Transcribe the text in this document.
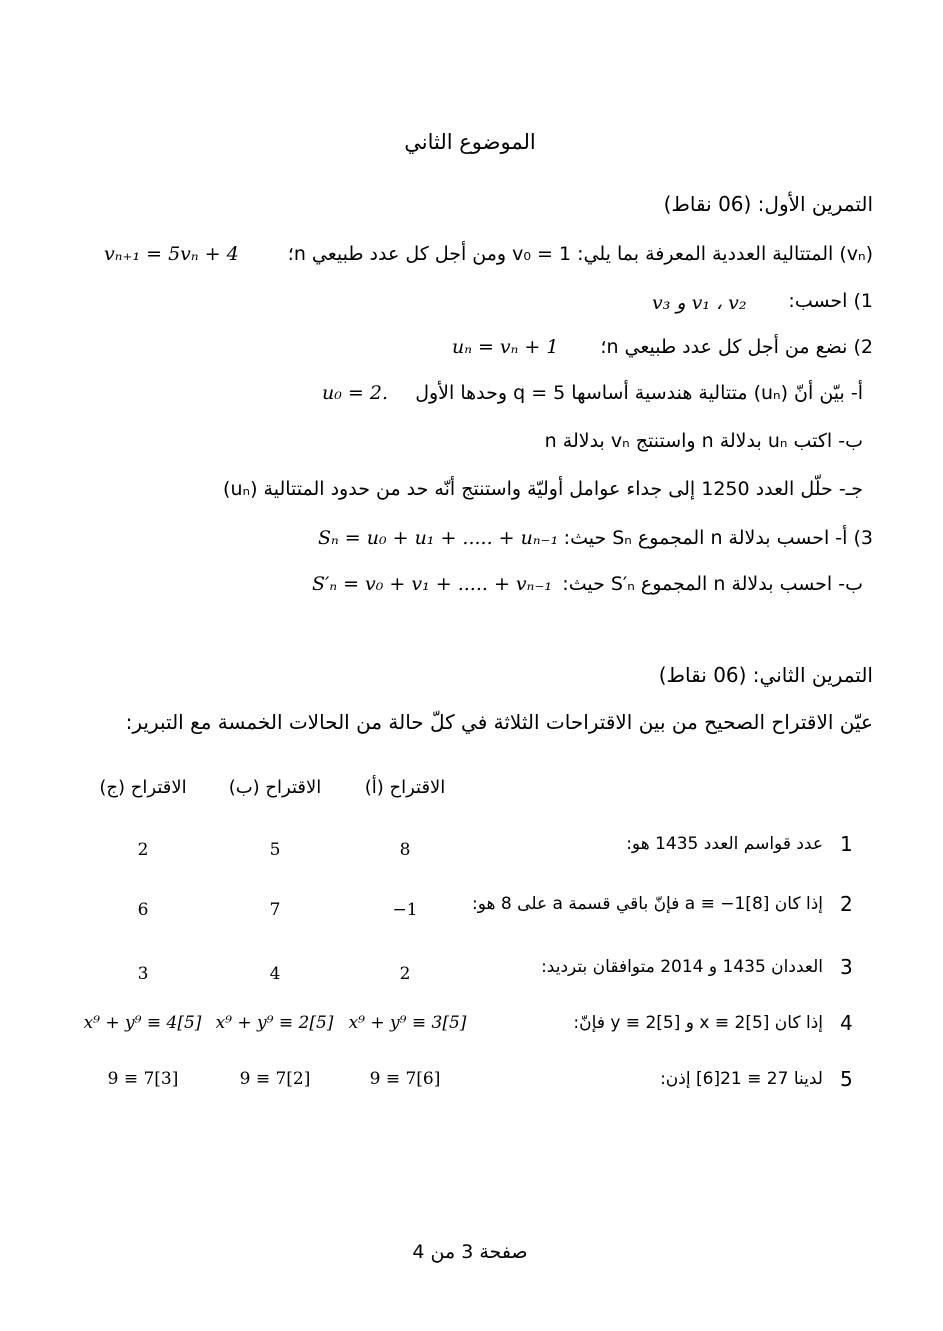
الموضوع الثاني
التمرين الأول: (06 نقاط)
(vₙ) المتتالية العددية المعرفة بما يلي: v₀ = 1 ومن أجل كل عدد طبيعي n؛
vₙ₊₁ = 5vₙ + 4
1) احسب:
v₁ ، v₂ و v₃
2) نضع من أجل كل عدد طبيعي n؛
uₙ = vₙ + 1
أ- بيّن أنّ (uₙ) متتالية هندسية أساسها q = 5 وحدها الأول
u₀ = 2.
ب- اكتب uₙ بدلالة n واستنتج vₙ بدلالة n
جـ- حلّل العدد 1250 إلى جداء عوامل أوليّة واستنتج أنّه حد من حدود المتتالية (uₙ)
3) أ- احسب بدلالة n المجموع Sₙ حيث:
Sₙ = u₀ + u₁ + ..... + uₙ₋₁
ب- احسب بدلالة n المجموع S′ₙ حيث:
S′ₙ = v₀ + v₁ + ..... + vₙ₋₁
التمرين الثاني: (06 نقاط)
عيّن الاقتراح الصحيح من بين الاقتراحات الثلاثة في كلّ حالة من الحالات الخمسة مع التبرير:
الاقتراح (أ)
الاقتراح (ب)
الاقتراح (ج)
1
عدد قواسم العدد 1435 هو:
8
5
2
2
إذا كان a ≡ −1[8] فإنّ باقي قسمة a على 8 هو:
−1
7
6
3
العددان 1435 و 2014 متوافقان بترديد:
2
4
3
4
إذا كان x ≡ 2[5] و y ≡ 2[5] فإنّ:
x⁹ + y⁹ ≡ 3[5]
x⁹ + y⁹ ≡ 2[5]
x⁹ + y⁹ ≡ 4[5]
5
لدينا 27 ≡ 21[6] إذن:
9 ≡ 7[6]
9 ≡ 7[2]
9 ≡ 7[3]
صفحة 3 من 4
